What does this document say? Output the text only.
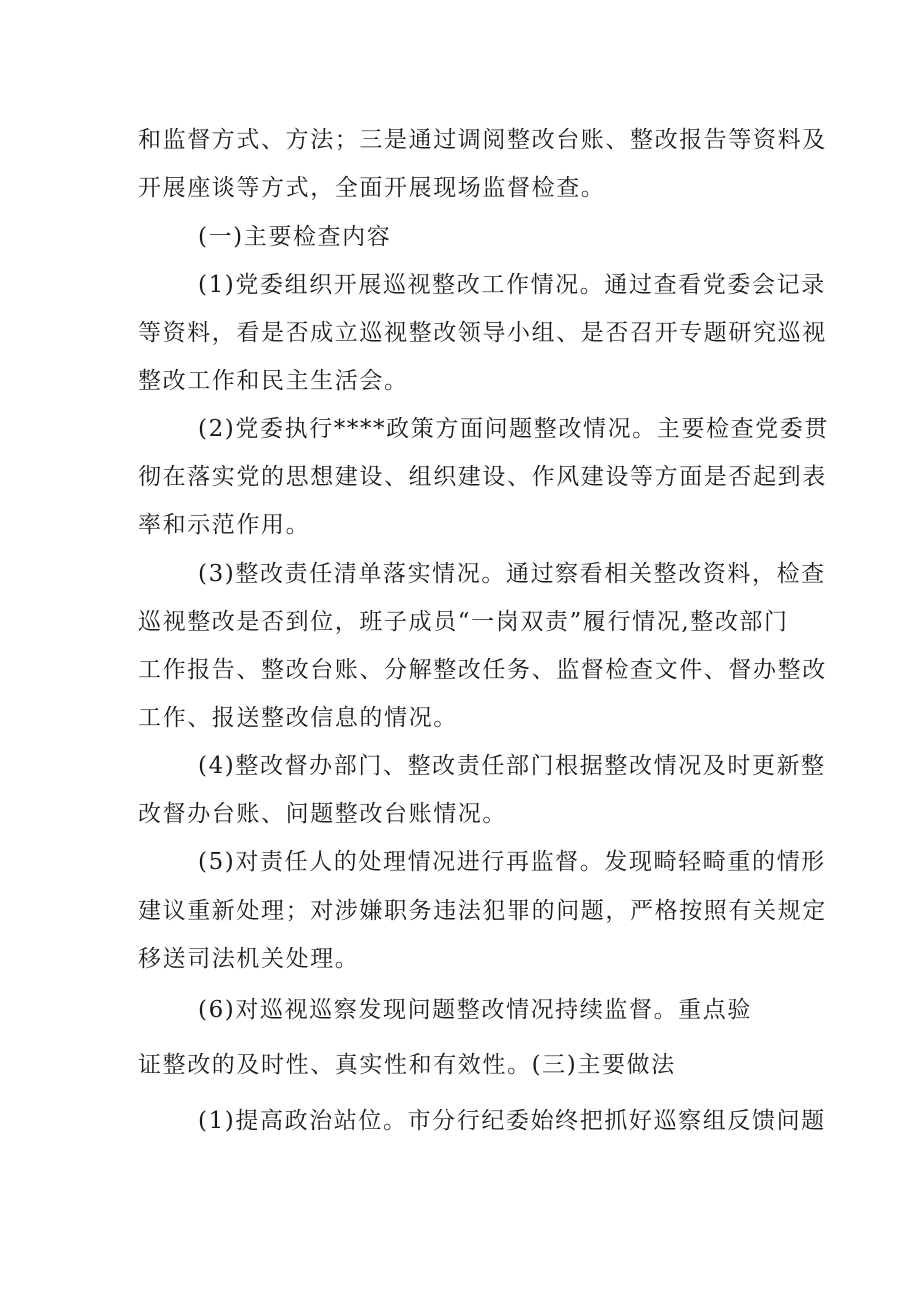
和监督方式、方法；三是通过调阅整改台账、整改报告等资料及

开展座谈等方式，全面开展现场监督检查。

(一)主要检查内容

(1)党委组织开展巡视整改工作情况。通过查看党委会记录

等资料，看是否成立巡视整改领导小组、是否召开专题研究巡视

整改工作和民主生活会。

(2)党委执行****政策方面问题整改情况。主要检查党委贯

彻在落实党的思想建设、组织建设、作风建设等方面是否起到表

率和示范作用。

(3)整改责任清单落实情况。通过察看相关整改资料，检查

巡视整改是否到位，班子成员“一岗双责”履行情况,整改部门

工作报告、整改台账、分解整改任务、监督检查文件、督办整改

工作、报送整改信息的情况。

(4)整改督办部门、整改责任部门根据整改情况及时更新整

改督办台账、问题整改台账情况。

(5)对责任人的处理情况进行再监督。发现畸轻畸重的情形

建议重新处理；对涉嫌职务违法犯罪的问题，严格按照有关规定

移送司法机关处理。

(6)对巡视巡察发现问题整改情况持续监督。重点验

证整改的及时性、真实性和有效性。(三)主要做法

(1)提高政治站位。市分行纪委始终把抓好巡察组反馈问题
